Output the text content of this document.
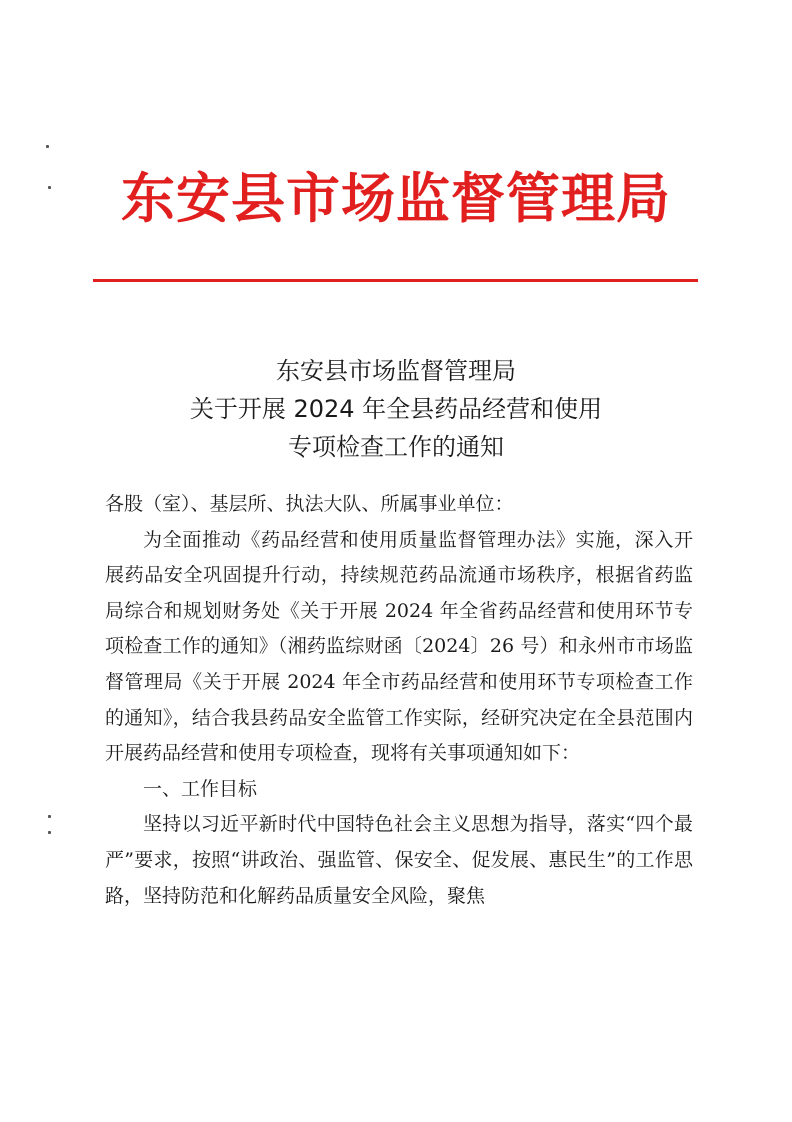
东安县市场监督管理局
东安县市场监督管理局
关于开展 2024 年全县药品经营和使用
专项检查工作的通知

各股（室）、基层所、执法大队、所属事业单位：

为全面推动《药品经营和使用质量监督管理办法》实施，深入开展药品安全巩固提升行动，持续规范药品流通市场秩序，根据省药监局综合和规划财务处《关于开展 2024 年全省药品经营和使用环节专项检查工作的通知》（湘药监综财函〔2024〕26 号）和永州市市场监督管理局《关于开展 2024 年全市药品经营和使用环节专项检查工作的通知》，结合我县药品安全监管工作实际，经研究决定在全县范围内开展药品经营和使用专项检查，现将有关事项通知如下：

一、工作目标

坚持以习近平新时代中国特色社会主义思想为指导，落实“四个最严”要求，按照“讲政治、强监管、保安全、促发展、惠民生”的工作思路，坚持防范和化解药品质量安全风险，聚焦
